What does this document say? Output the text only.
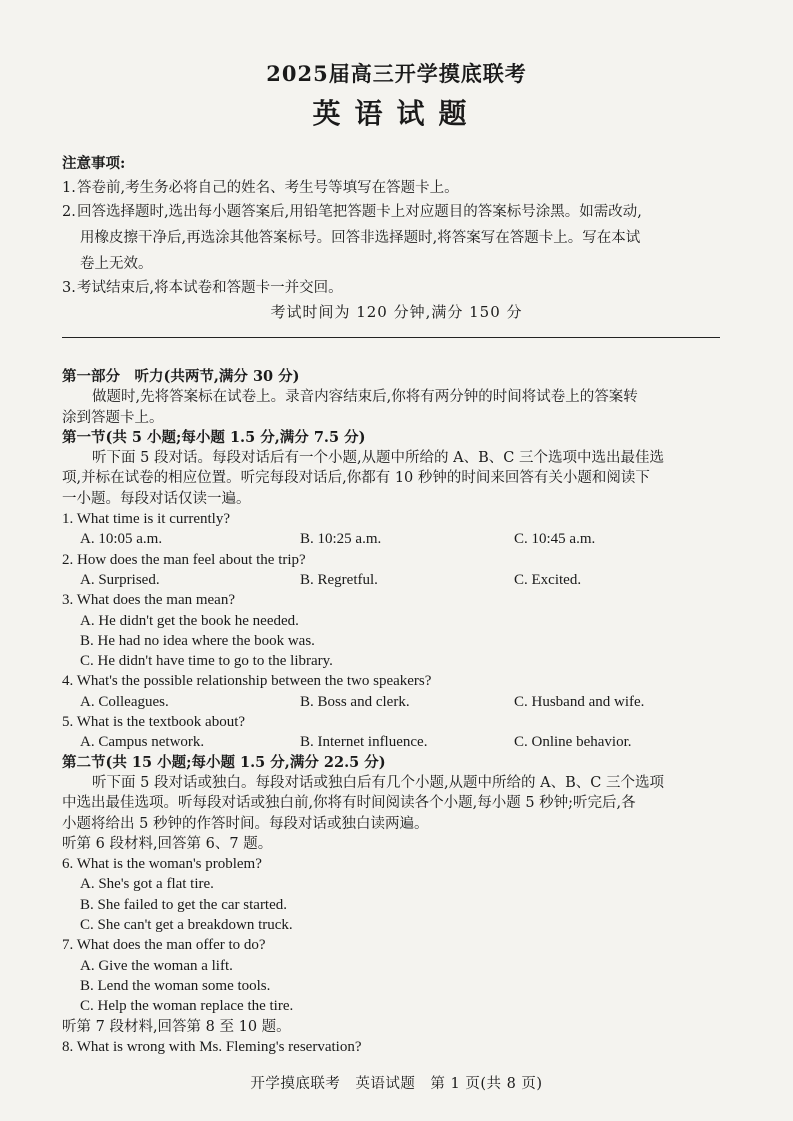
2025届高三开学摸底联考
英语试题
注意事项:
1.答卷前,考生务必将自己的姓名、考生号等填写在答题卡上。
2.回答选择题时,选出每小题答案后,用铅笔把答题卡上对应题目的答案标号涂黑。如需改动,
用橡皮擦干净后,再选涂其他答案标号。回答非选择题时,将答案写在答题卡上。写在本试
卷上无效。
3.考试结束后,将本试卷和答题卡一并交回。
考试时间为 120 分钟,满分 150 分
第一部分　听力(共两节,满分 30 分)
做题时,先将答案标在试卷上。录音内容结束后,你将有两分钟的时间将试卷上的答案转
涂到答题卡上。
第一节(共 5 小题;每小题 1.5 分,满分 7.5 分)
听下面 5 段对话。每段对话后有一个小题,从题中所给的 A、B、C 三个选项中选出最佳选
项,并标在试卷的相应位置。听完每段对话后,你都有 10 秒钟的时间来回答有关小题和阅读下
一小题。每段对话仅读一遍。
1. What time is it currently?
A. 10:05 a.m.	B. 10:25 a.m.	C. 10:45 a.m.
2. How does the man feel about the trip?
A. Surprised.	B. Regretful.	C. Excited.
3. What does the man mean?
A. He didn't get the book he needed.
B. He had no idea where the book was.
C. He didn't have time to go to the library.
4. What's the possible relationship between the two speakers?
A. Colleagues.	B. Boss and clerk.	C. Husband and wife.
5. What is the textbook about?
A. Campus network.	B. Internet influence.	C. Online behavior.
第二节(共 15 小题;每小题 1.5 分,满分 22.5 分)
听下面 5 段对话或独白。每段对话或独白后有几个小题,从题中所给的 A、B、C 三个选项
中选出最佳选项。听每段对话或独白前,你将有时间阅读各个小题,每小题 5 秒钟;听完后,各
小题将给出 5 秒钟的作答时间。每段对话或独白读两遍。
听第 6 段材料,回答第 6、7 题。
6. What is the woman's problem?
A. She's got a flat tire.
B. She failed to get the car started.
C. She can't get a breakdown truck.
7. What does the man offer to do?
A. Give the woman a lift.
B. Lend the woman some tools.
C. Help the woman replace the tire.
听第 7 段材料,回答第 8 至 10 题。
8. What is wrong with Ms. Fleming's reservation?
开学摸底联考　英语试题　第 1 页(共 8 页)
